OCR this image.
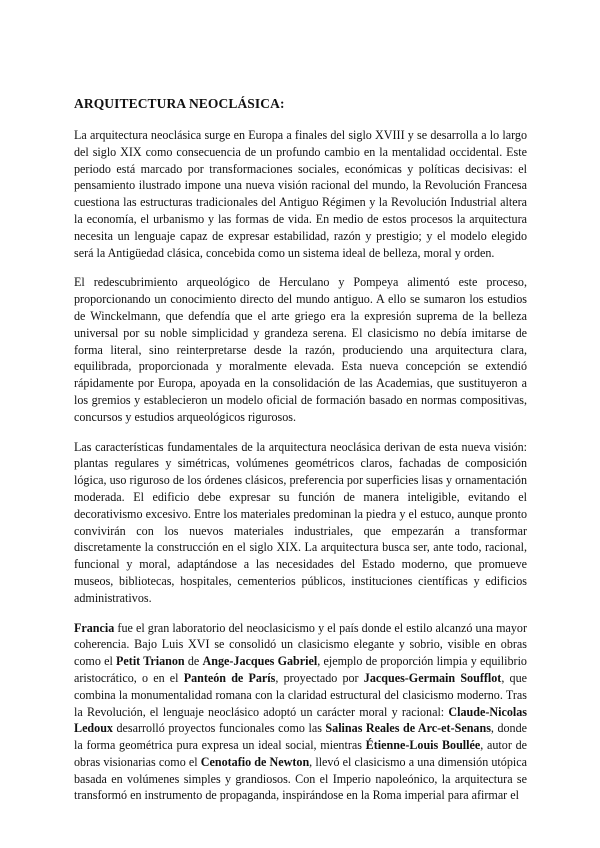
ARQUITECTURA NEOCLÁSICA:

La arquitectura neoclásica surge en Europa a finales del siglo XVIII y se desarrolla a lo largo del siglo XIX como consecuencia de un profundo cambio en la mentalidad occidental. Este periodo está marcado por transformaciones sociales, económicas y políticas decisivas: el pensamiento ilustrado impone una nueva visión racional del mundo, la Revolución Francesa cuestiona las estructuras tradicionales del Antiguo Régimen y la Revolución Industrial altera la economía, el urbanismo y las formas de vida. En medio de estos procesos la arquitectura necesita un lenguaje capaz de expresar estabilidad, razón y prestigio; y el modelo elegido será la Antigüedad clásica, concebida como un sistema ideal de belleza, moral y orden.

El redescubrimiento arqueológico de Herculano y Pompeya alimentó este proceso, proporcionando un conocimiento directo del mundo antiguo. A ello se sumaron los estudios de Winckelmann, que defendía que el arte griego era la expresión suprema de la belleza universal por su noble simplicidad y grandeza serena. El clasicismo no debía imitarse de forma literal, sino reinterpretarse desde la razón, produciendo una arquitectura clara, equilibrada, proporcionada y moralmente elevada. Esta nueva concepción se extendió rápidamente por Europa, apoyada en la consolidación de las Academias, que sustituyeron a los gremios y establecieron un modelo oficial de formación basado en normas compositivas, concursos y estudios arqueológicos rigurosos.

Las características fundamentales de la arquitectura neoclásica derivan de esta nueva visión: plantas regulares y simétricas, volúmenes geométricos claros, fachadas de composición lógica, uso riguroso de los órdenes clásicos, preferencia por superficies lisas y ornamentación moderada. El edificio debe expresar su función de manera inteligible, evitando el decorativismo excesivo. Entre los materiales predominan la piedra y el estuco, aunque pronto convivirán con los nuevos materiales industriales, que empezarán a transformar discretamente la construcción en el siglo XIX. La arquitectura busca ser, ante todo, racional, funcional y moral, adaptándose a las necesidades del Estado moderno, que promueve museos, bibliotecas, hospitales, cementerios públicos, instituciones científicas y edificios administrativos.

Francia fue el gran laboratorio del neoclasicismo y el país donde el estilo alcanzó una mayor coherencia. Bajo Luis XVI se consolidó un clasicismo elegante y sobrio, visible en obras como el Petit Trianon de Ange-Jacques Gabriel, ejemplo de proporción limpia y equilibrio aristocrático, o en el Panteón de París, proyectado por Jacques-Germain Soufflot, que combina la monumentalidad romana con la claridad estructural del clasicismo moderno. Tras la Revolución, el lenguaje neoclásico adoptó un carácter moral y racional: Claude-Nicolas Ledoux desarrolló proyectos funcionales como las Salinas Reales de Arc-et-Senans, donde la forma geométrica pura expresa un ideal social, mientras Étienne-Louis Boullée, autor de obras visionarias como el Cenotafio de Newton, llevó el clasicismo a una dimensión utópica basada en volúmenes simples y grandiosos. Con el Imperio napoleónico, la arquitectura se transformó en instrumento de propaganda, inspirándose en la Roma imperial para afirmar el
